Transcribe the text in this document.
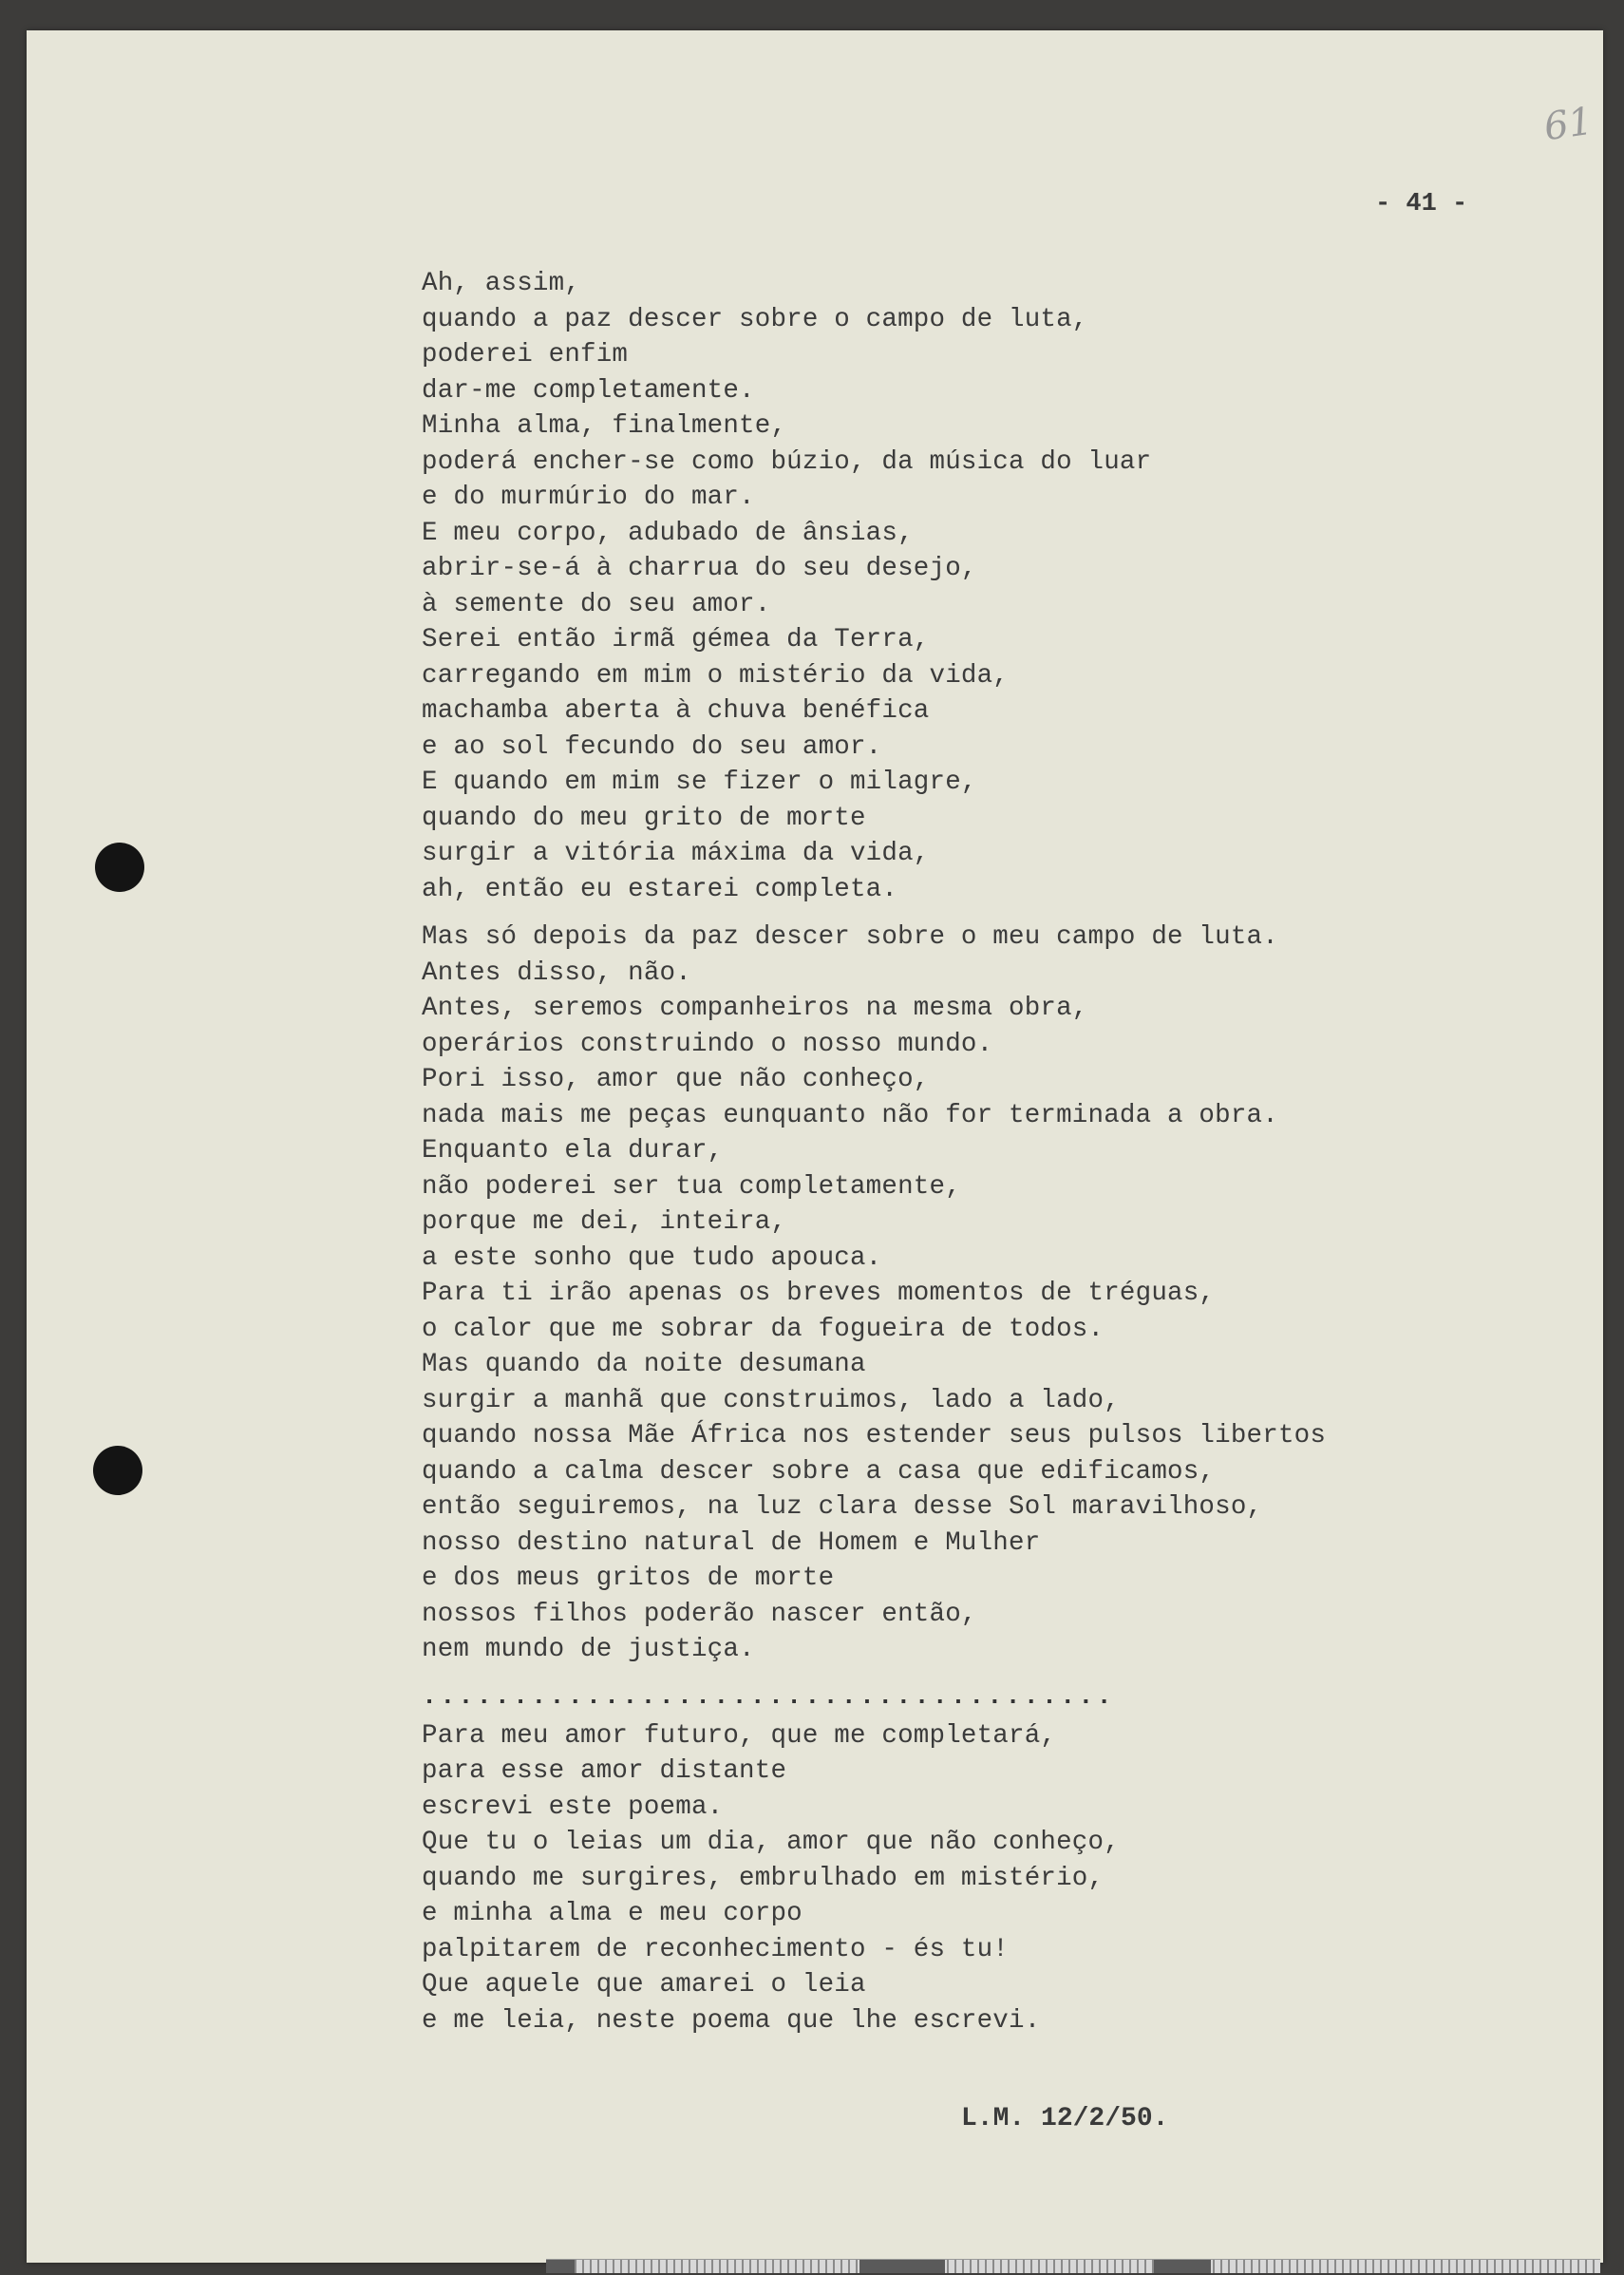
61
- 41 -
Ah, assim,
quando a paz descer sobre o campo de luta,
poderei enfim
dar-me completamente.
Minha alma, finalmente,
poderá encher-se como búzio, da música do luar
e do murmúrio do mar.
E meu corpo, adubado de ânsias,
abrir-se-á à charrua do seu desejo,
à semente do seu amor.
Serei então irmã gémea da Terra,
carregando em mim o mistério da vida,
machamba aberta à chuva benéfica
e ao sol fecundo do seu amor.
E quando em mim se fizer o milagre,
quando do meu grito de morte
surgir a vitória máxima da vida,
ah, então eu estarei completa.
Mas só depois da paz descer sobre o meu campo de luta.
Antes disso, não.
Antes, seremos companheiros na mesma obra,
operários construindo o nosso mundo.
Pori isso, amor que não conheço,
nada mais me peças eunquanto não for terminada a obra.
Enquanto ela durar,
não poderei ser tua completamente,
porque me dei, inteira,
a este sonho que tudo apouca.
Para ti irão apenas os breves momentos de tréguas,
o calor que me sobrar da fogueira de todos.
Mas quando da noite desumana
surgir a manhã que construimos, lado a lado,
quando nossa Mãe África nos estender seus pulsos libertos
quando a calma descer sobre a casa que edificamos,
então seguiremos, na luz clara desse Sol maravilhoso,
nosso destino natural de Homem e Mulher
e dos meus gritos de morte
nossos filhos poderão nascer então,
nem mundo de justiça.
......................................
Para meu amor futuro, que me completará,
para esse amor distante
escrevi este poema.
Que tu o leias um dia, amor que não conheço,
quando me surgires, embrulhado em mistério,
e minha alma e meu corpo
palpitarem de reconhecimento - és tu!
Que aquele que amarei o leia
e me leia, neste poema que lhe escrevi.
L.M. 12/2/50.
